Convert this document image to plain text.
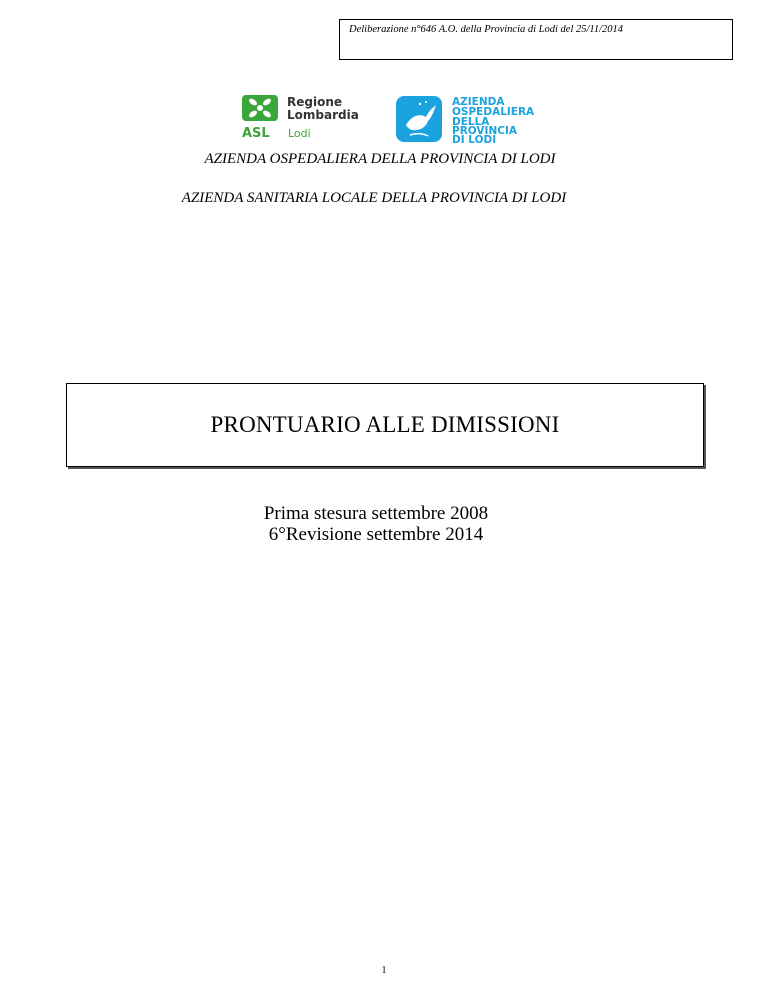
Deliberazione n°646 A.O. della Provincia di Lodi del 25/11/2014
Regione
Lombardia
ASL Lodi
AZIENDA
OSPEDALIERA
DELLA
PROVINCIA
DI LODI
AZIENDA OSPEDALIERA DELLA PROVINCIA DI LODI
AZIENDA SANITARIA LOCALE DELLA PROVINCIA DI LODI
PRONTUARIO ALLE DIMISSIONI
Prima stesura settembre 2008
6°Revisione settembre 2014
1
